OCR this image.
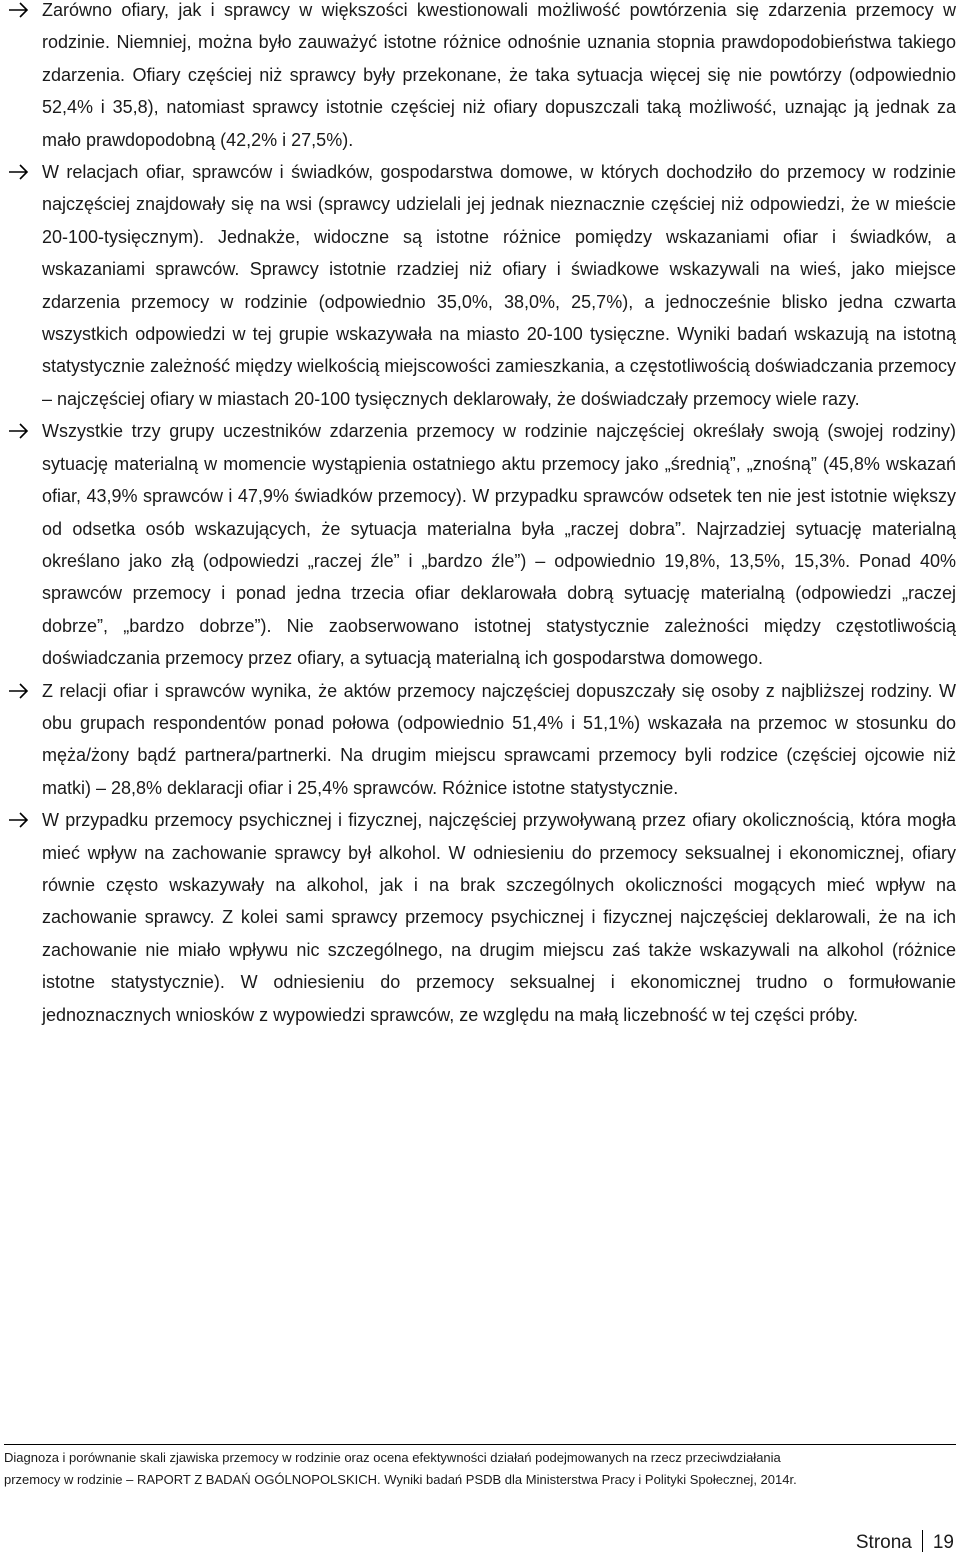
Zarówno ofiary, jak i sprawcy w większości kwestionowali możliwość powtórzenia się zdarzenia przemocy w rodzinie. Niemniej, można było zauważyć istotne różnice odnośnie uznania stopnia prawdopodobieństwa takiego zdarzenia. Ofiary częściej niż sprawcy były przekonane, że taka sytuacja więcej się nie powtórzy (odpowiednio 52,4% i 35,8), natomiast sprawcy istotnie częściej niż ofiary dopuszczali taką możliwość, uznając ją jednak za mało prawdopodobną (42,2% i 27,5%).
W relacjach ofiar, sprawców i świadków, gospodarstwa domowe, w których dochodziło do przemocy w rodzinie najczęściej znajdowały się na wsi (sprawcy udzielali jej jednak nieznacznie częściej niż odpowiedzi, że w mieście 20-100-tysięcznym). Jednakże, widoczne są istotne różnice pomiędzy wskazaniami ofiar i świadków, a wskazaniami sprawców. Sprawcy istotnie rzadziej niż ofiary i świadkowe wskazywali na wieś, jako miejsce zdarzenia przemocy w rodzinie (odpowiednio 35,0%, 38,0%, 25,7%), a jednocześnie blisko jedna czwarta wszystkich odpowiedzi w tej grupie wskazywała na miasto 20-100 tysięczne. Wyniki badań wskazują na istotną statystycznie zależność między wielkością miejscowości zamieszkania, a częstotliwością doświadczania przemocy – najczęściej ofiary w miastach 20-100 tysięcznych deklarowały, że doświadczały przemocy wiele razy.
Wszystkie trzy grupy uczestników zdarzenia przemocy w rodzinie najczęściej określały swoją (swojej rodziny) sytuację materialną w momencie wystąpienia ostatniego aktu przemocy jako „średnią”, „znośną” (45,8% wskazań ofiar, 43,9% sprawców i 47,9% świadków przemocy). W przypadku sprawców odsetek ten nie jest istotnie większy od odsetka osób wskazujących, że sytuacja materialna była „raczej dobra”. Najrzadziej sytuację materialną określano jako złą (odpowiedzi „raczej źle” i „bardzo źle”) – odpowiednio 19,8%, 13,5%, 15,3%. Ponad 40% sprawców przemocy i ponad jedna trzecia ofiar deklarowała dobrą sytuację materialną (odpowiedzi „raczej dobrze”, „bardzo dobrze”). Nie zaobserwowano istotnej statystycznie zależności między częstotliwością doświadczania przemocy przez ofiary, a sytuacją materialną ich gospodarstwa domowego.
Z relacji ofiar i sprawców wynika, że aktów przemocy najczęściej dopuszczały się osoby z najbliższej rodziny. W obu grupach respondentów ponad połowa (odpowiednio 51,4% i 51,1%) wskazała na przemoc w stosunku do męża/żony bądź partnera/partnerki. Na drugim miejscu sprawcami przemocy byli rodzice (częściej ojcowie niż matki) – 28,8% deklaracji ofiar i 25,4% sprawców. Różnice istotne statystycznie.
W przypadku przemocy psychicznej i fizycznej, najczęściej przywoływaną przez ofiary okolicznością, która mogła mieć wpływ na zachowanie sprawcy był alkohol. W odniesieniu do przemocy seksualnej i ekonomicznej, ofiary równie często wskazywały na alkohol, jak i na brak szczególnych okoliczności mogących mieć wpływ na zachowanie sprawcy. Z kolei sami sprawcy przemocy psychicznej i fizycznej najczęściej deklarowali, że na ich zachowanie nie miało wpływu nic szczególnego, na drugim miejscu zaś także wskazywali na alkohol (różnice istotne statystycznie). W odniesieniu do przemocy seksualnej i ekonomicznej trudno o formułowanie jednoznacznych wniosków z wypowiedzi sprawców, ze względu na małą liczebność w tej części próby.
Diagnoza i porównanie skali zjawiska przemocy w rodzinie oraz ocena efektywności działań podejmowanych na rzecz przeciwdziałania
przemocy w rodzinie – RAPORT Z BADAŃ OGÓLNOPOLSKICH. Wyniki badań PSDB dla Ministerstwa Pracy i Polityki Społecznej, 2014r.
Strona 19
